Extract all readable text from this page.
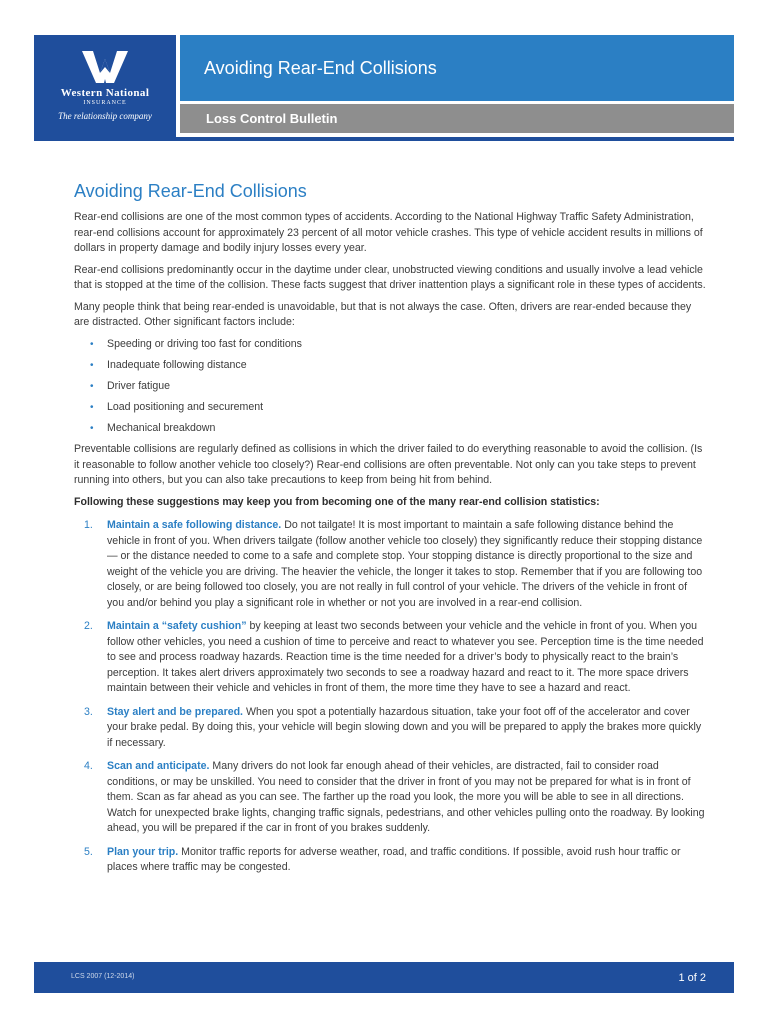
Western National
INSURANCE
The relationship company
Avoiding Rear-End Collisions
Loss Control Bulletin
Avoiding Rear-End Collisions

Rear-end collisions are one of the most common types of accidents. According to the National Highway Traffic Safety Administration, rear-end collisions account for approximately 23 percent of all motor vehicle crashes. This type of vehicle accident results in millions of dollars in property damage and bodily injury losses every year.

Rear-end collisions predominantly occur in the daytime under clear, unobstructed viewing conditions and usually involve a lead vehicle that is stopped at the time of the collision. These facts suggest that driver inattention plays a significant role in these types of accidents.

Many people think that being rear-ended is unavoidable, but that is not always the case. Often, drivers are rear-ended because they are distracted. Other significant factors include:

• Speeding or driving too fast for conditions
• Inadequate following distance
• Driver fatigue
• Load positioning and securement
• Mechanical breakdown

Preventable collisions are regularly defined as collisions in which the driver failed to do everything reasonable to avoid the collision. (Is it reasonable to follow another vehicle too closely?) Rear-end collisions are often preventable. Not only can you take steps to prevent running into others, but you can also take precautions to keep from being hit from behind.

Following these suggestions may keep you from becoming one of the many rear-end collision statistics:

1. Maintain a safe following distance. Do not tailgate! It is most important to maintain a safe following distance behind the vehicle in front of you. When drivers tailgate (follow another vehicle too closely) they significantly reduce their stopping distance — or the distance needed to come to a safe and complete stop. Your stopping distance is directly proportional to the size and weight of the vehicle you are driving. The heavier the vehicle, the longer it takes to stop. Remember that if you are following too closely, or are being followed too closely, you are not really in full control of your vehicle. The drivers of the vehicle in front of you and/or behind you play a significant role in whether or not you are involved in a rear-end collision.
2. Maintain a “safety cushion” by keeping at least two seconds between your vehicle and the vehicle in front of you. When you follow other vehicles, you need a cushion of time to perceive and react to whatever you see. Perception time is the time needed to see and process roadway hazards. Reaction time is the time needed for a driver’s body to physically react to the brain’s perception. It takes alert drivers approximately two seconds to see a roadway hazard and react to it. The more space drivers maintain between their vehicle and vehicles in front of them, the more time they have to see a hazard and react.
3. Stay alert and be prepared. When you spot a potentially hazardous situation, take your foot off of the accelerator and cover your brake pedal. By doing this, your vehicle will begin slowing down and you will be prepared to apply the brakes more quickly if necessary.
4. Scan and anticipate. Many drivers do not look far enough ahead of their vehicles, are distracted, fail to consider road conditions, or may be unskilled. You need to consider that the driver in front of you may not be prepared for what is in front of them. Scan as far ahead as you can see. The farther up the road you look, the more you will be able to see in all directions. Watch for unexpected brake lights, changing traffic signals, pedestrians, and other vehicles pulling onto the roadway. By looking ahead, you will be prepared if the car in front of you brakes suddenly.
5. Plan your trip. Monitor traffic reports for adverse weather, road, and traffic conditions. If possible, avoid rush hour traffic or places where traffic may be congested.
LCS 2007 (12-2014)	1 of 2
